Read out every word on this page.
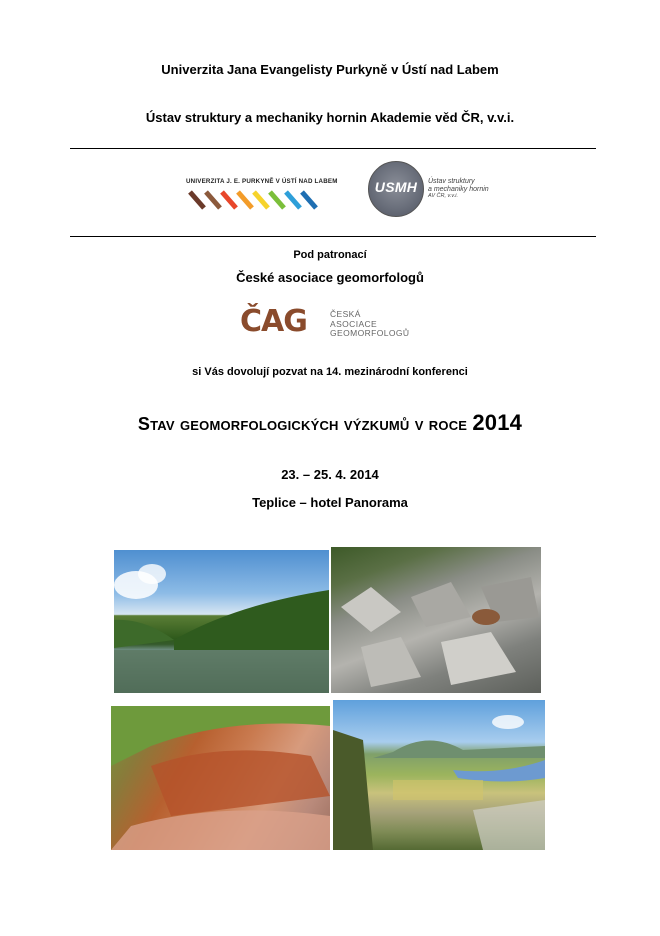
Univerzita Jana Evangelisty Purkyně v Ústí nad Labem
Ústav struktury a mechaniky hornin Akademie věd ČR, v.v.i.
UNIVERZITA J. E. PURKYNĚ V ÚSTÍ NAD LABEM	USMH	Ústav struktury
a mechaniky hornin
AV ČR, v.v.i.
Pod patronací
České asociace geomorfologů
ČAG	ČESKÁ
ASOCIACE
GEOMORFOLOGŮ
si Vás dovolují pozvat na 14. mezinárodní konferenci
Stav geomorfologických výzkumů v roce 2014
23. – 25. 4. 2014
Teplice – hotel Panorama
